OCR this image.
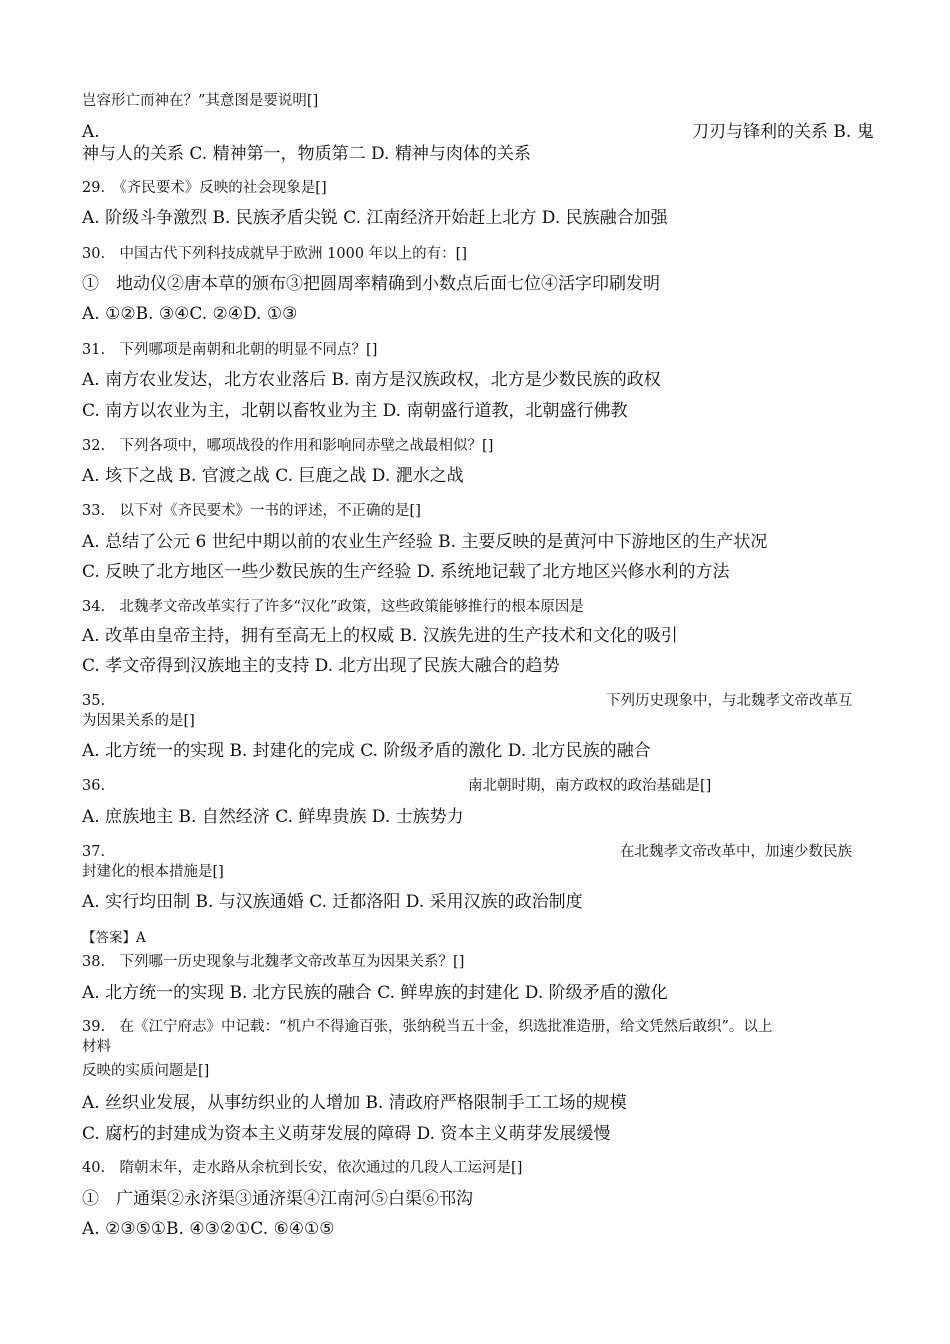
岂容形亡而神在？”其意图是要说明[]
A.	刀刃与锋利的关系 B. 鬼
神与人的关系 C. 精神第一，物质第二 D. 精神与肉体的关系
29.　《齐民要术》反映的社会现象是[]
A. 阶级斗争激烈 B. 民族矛盾尖锐 C. 江南经济开始赶上北方 D. 民族融合加强
30.　中国古代下列科技成就早于欧洲 1000 年以上的有：[]
①　地动仪②唐本草的颁布③把圆周率精确到小数点后面七位④活字印刷发明
A. ①②B. ③④C. ②④D. ①③
31.　下列哪项是南朝和北朝的明显不同点？[]
A. 南方农业发达，北方农业落后 B. 南方是汉族政权，北方是少数民族的政权
C. 南方以农业为主，北朝以畜牧业为主 D. 南朝盛行道教，北朝盛行佛教
32.　下列各项中，哪项战役的作用和影响同赤壁之战最相似？[]
A. 垓下之战 B. 官渡之战 C. 巨鹿之战 D. 淝水之战
33.　以下对《齐民要术》一书的评述，不正确的是[]
A. 总结了公元 6 世纪中期以前的农业生产经验 B. 主要反映的是黄河中下游地区的生产状况
C. 反映了北方地区一些少数民族的生产经验 D. 系统地记载了北方地区兴修水利的方法
34.　北魏孝文帝改革实行了许多“汉化”政策，这些政策能够推行的根本原因是
A. 改革由皇帝主持，拥有至高无上的权威 B. 汉族先进的生产技术和文化的吸引
C. 孝文帝得到汉族地主的支持 D. 北方出现了民族大融合的趋势
35.	下列历史现象中，与北魏孝文帝改革互
为因果关系的是[]
A. 北方统一的实现 B. 封建化的完成 C. 阶级矛盾的激化 D. 北方民族的融合
36.	南北朝时期，南方政权的政治基础是[]
A. 庶族地主 B. 自然经济 C. 鲜卑贵族 D. 士族势力
37.	在北魏孝文帝改革中，加速少数民族
封建化的根本措施是[]
A. 实行均田制 B. 与汉族通婚 C. 迁都洛阳 D. 采用汉族的政治制度
【答案】A
38.　下列哪一历史现象与北魏孝文帝改革互为因果关系？[]
A. 北方统一的实现 B. 北方民族的融合 C. 鲜卑族的封建化 D. 阶级矛盾的激化
39.　在《江宁府志》中记载：“机户不得逾百张，张纳税当五十金，织选批准造册，给文凭然后敢织”。以上
材料
反映的实质问题是[]
A. 丝织业发展，从事纺织业的人增加 B. 清政府严格限制手工工场的规模
C. 腐朽的封建成为资本主义萌芽发展的障碍 D. 资本主义萌芽发展缓慢
40.　隋朝末年，走水路从余杭到长安，依次通过的几段人工运河是[]
①　广通渠②永济渠③通济渠④江南河⑤白渠⑥邗沟
A. ②③⑤①B. ④③②①C. ⑥④①⑤
